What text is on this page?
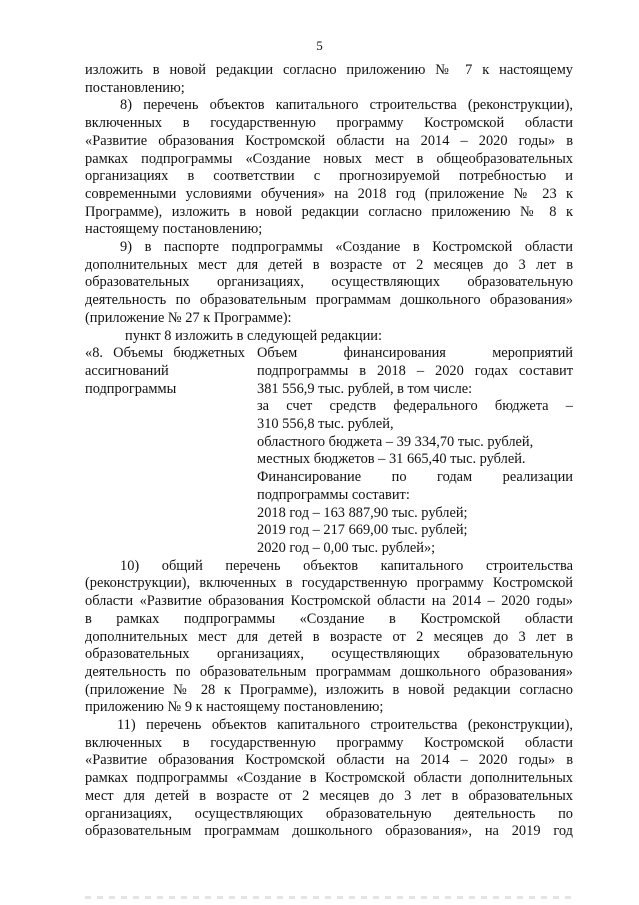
5
изложить в новой редакции согласно приложению № 7 к настоящему
постановлению;
8) перечень объектов капитального строительства (реконструкции),
включенных в государственную программу Костромской области
«Развитие образования Костромской области на 2014 – 2020 годы» в
рамках подпрограммы «Создание новых мест в общеобразовательных
организациях в соответствии с прогнозируемой потребностью и
современными условиями обучения» на 2018 год (приложение № 23 к
Программе), изложить в новой редакции согласно приложению № 8 к
настоящему постановлению;
9) в паспорте подпрограммы «Создание в Костромской области
дополнительных мест для детей в возрасте от 2 месяцев до 3 лет в
образовательных организациях, осуществляющих образовательную
деятельность по образовательным программам дошкольного образования»
(приложение № 27 к Программе):
пункт 8 изложить в следующей редакции:
«8. Объемы бюджетных
ассигнований
подпрограммы
Объем финансирования мероприятий
подпрограммы в 2018 – 2020 годах составит
381 556,9 тыс. рублей, в том числе:
за счет средств федерального бюджета –
310 556,8 тыс. рублей,
областного бюджета – 39 334,70 тыс. рублей,
местных бюджетов – 31 665,40 тыс. рублей.
Финансирование по годам реализации
подпрограммы составит:
2018 год – 163 887,90 тыс. рублей;
2019 год – 217 669,00 тыс. рублей;
2020 год – 0,00 тыс. рублей»;
10) общий перечень объектов капитального строительства
(реконструкции), включенных в государственную программу Костромской
области «Развитие образования Костромской области на 2014 – 2020 годы»
в рамках подпрограммы «Создание в Костромской области
дополнительных мест для детей в возрасте от 2 месяцев до 3 лет в
образовательных организациях, осуществляющих образовательную
деятельность по образовательным программам дошкольного образования»
(приложение № 28 к Программе), изложить в новой редакции согласно
приложению № 9 к настоящему постановлению;
11) перечень объектов капитального строительства (реконструкции),
включенных в государственную программу Костромской области
«Развитие образования Костромской области на 2014 – 2020 годы» в
рамках подпрограммы «Создание в Костромской области дополнительных
мест для детей в возрасте от 2 месяцев до 3 лет в образовательных
организациях, осуществляющих образовательную деятельность по
образовательным программам дошкольного образования», на 2019 год
